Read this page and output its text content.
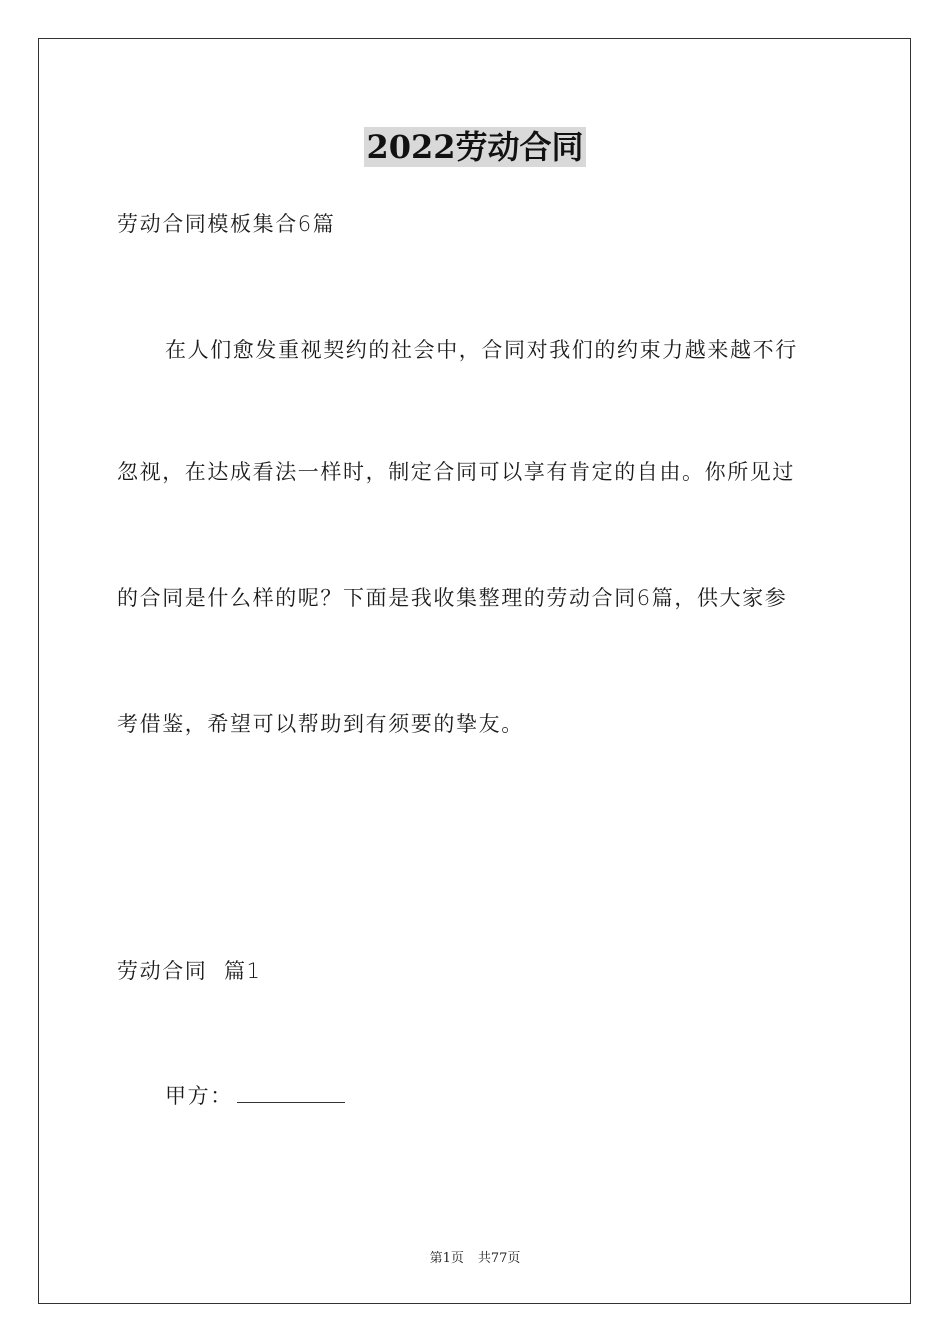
2022劳动合同
劳动合同模板集合6篇
在人们愈发重视契约的社会中，合同对我们的约束力越来越不行
忽视，在达成看法一样时，制定合同可以享有肯定的自由。你所见过
的合同是什么样的呢？下面是我收集整理的劳动合同6篇，供大家参
考借鉴，希望可以帮助到有须要的挚友。
劳动合同  篇1
甲方：
第1页 共77页
